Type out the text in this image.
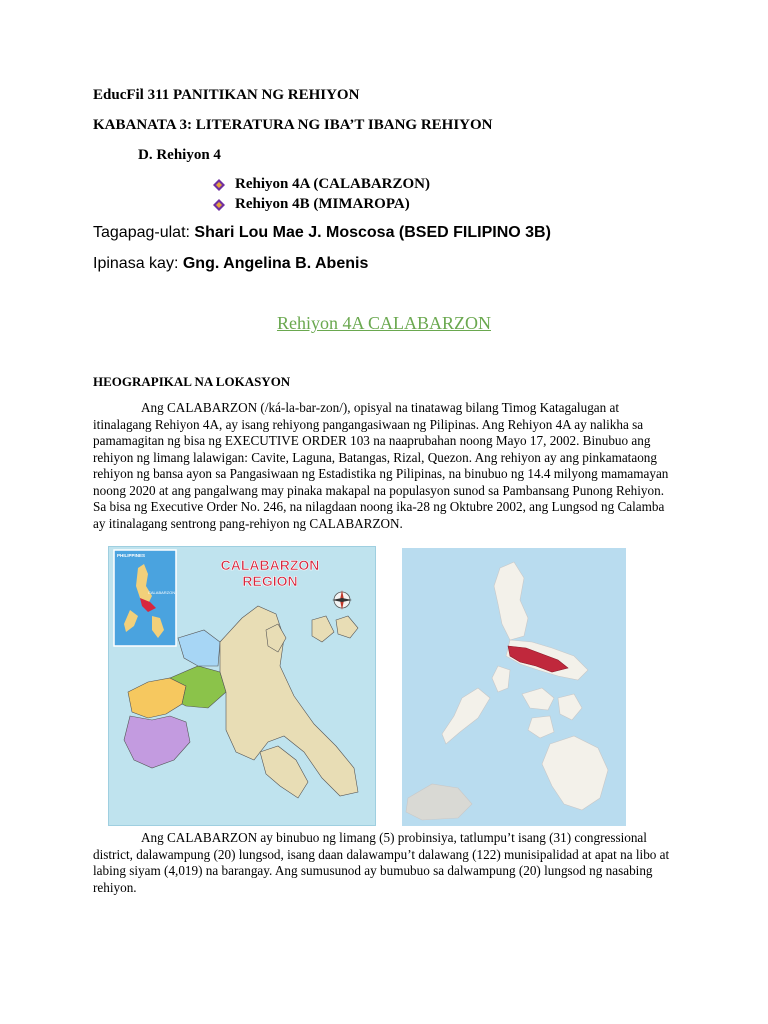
EducFil 311 PANITIKAN NG REHIYON
KABANATA 3: LITERATURA NG IBA’T IBANG REHIYON
D. Rehiyon 4
Rehiyon 4A (CALABARZON)
Rehiyon 4B (MIMAROPA)
Tagapag-ulat: Shari Lou Mae J. Moscosa (BSED FILIPINO 3B)
Ipinasa kay: Gng. Angelina B. Abenis
Rehiyon 4A CALABARZON
HEOGRAPIKAL NA LOKASYON
Ang CALABARZON (/ká-la-bar-zon/), opisyal na tinatawag bilang Timog Katagalugan at itinalagang Rehiyon 4A, ay isang rehiyong pangangasiwaan ng Pilipinas. Ang Rehiyon 4A ay nalikha sa pamamagitan ng bisa ng EXECUTIVE ORDER 103 na naaprubahan noong Mayo 17, 2002. Binubuo ang rehiyon ng limang lalawigan: Cavite, Laguna, Batangas, Rizal, Quezon. Ang rehiyon ay ang pinkamataong rehiyon ng bansa ayon sa Pangasiwaan ng Estadistika ng Pilipinas, na binubuo ng 14.4 milyong mamamayan noong 2020 at ang pangalwang may pinaka makapal na populasyon sunod sa Pambansang Punong Rehiyon. Sa bisa ng Executive Order No. 246, na nilagdaan noong ika-28 ng Oktubre 2002, ang Lungsod ng Calamba ay itinalagang sentrong pang-rehiyon ng CALABARZON.
PHILIPPINES
CALABARZON
CALABARZON
REGION
Ang CALABARZON ay binubuo ng limang (5) probinsiya, tatlumpu’t isang (31) congressional district, dalawampung (20) lungsod, isang daan dalawampu’t dalawang (122) munisipalidad at apat na libo at labing siyam (4,019) na barangay. Ang sumusunod ay bumubuo sa dalwampung (20) lungsod ng nasabing rehiyon.
